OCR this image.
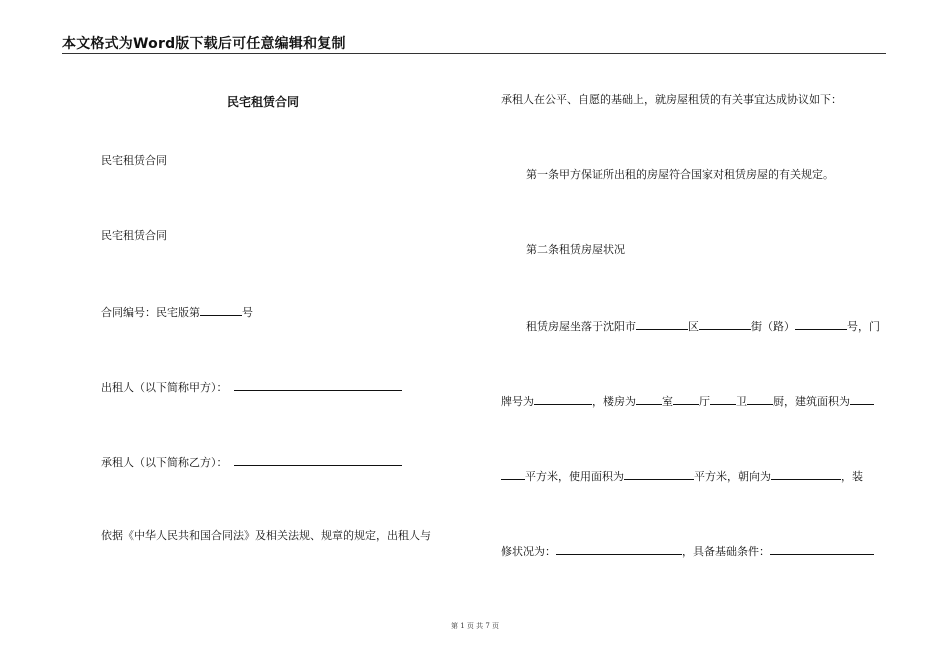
本文格式为Word版下载后可任意编辑和复制
民宅租赁合同
民宅租赁合同
民宅租赁合同
合同编号：民宅版第	号
出租人（以下简称甲方）：
承租人（以下简称乙方）：
依据《中华人民共和国合同法》及相关法规、规章的规定，出租人与
承租人在公平、自愿的基础上，就房屋租赁的有关事宜达成协议如下：
第一条甲方保证所出租的房屋符合国家对租赁房屋的有关规定。
第二条租赁房屋状况
租赁房屋坐落于沈阳市	区	街（路）	号，门
牌号为	，楼房为 室 厅 卫 厨，建筑面积为
平方米，使用面积为	平方米，朝向为	，装
修状况为：	，具备基础条件：
第 1 页 共 7 页
